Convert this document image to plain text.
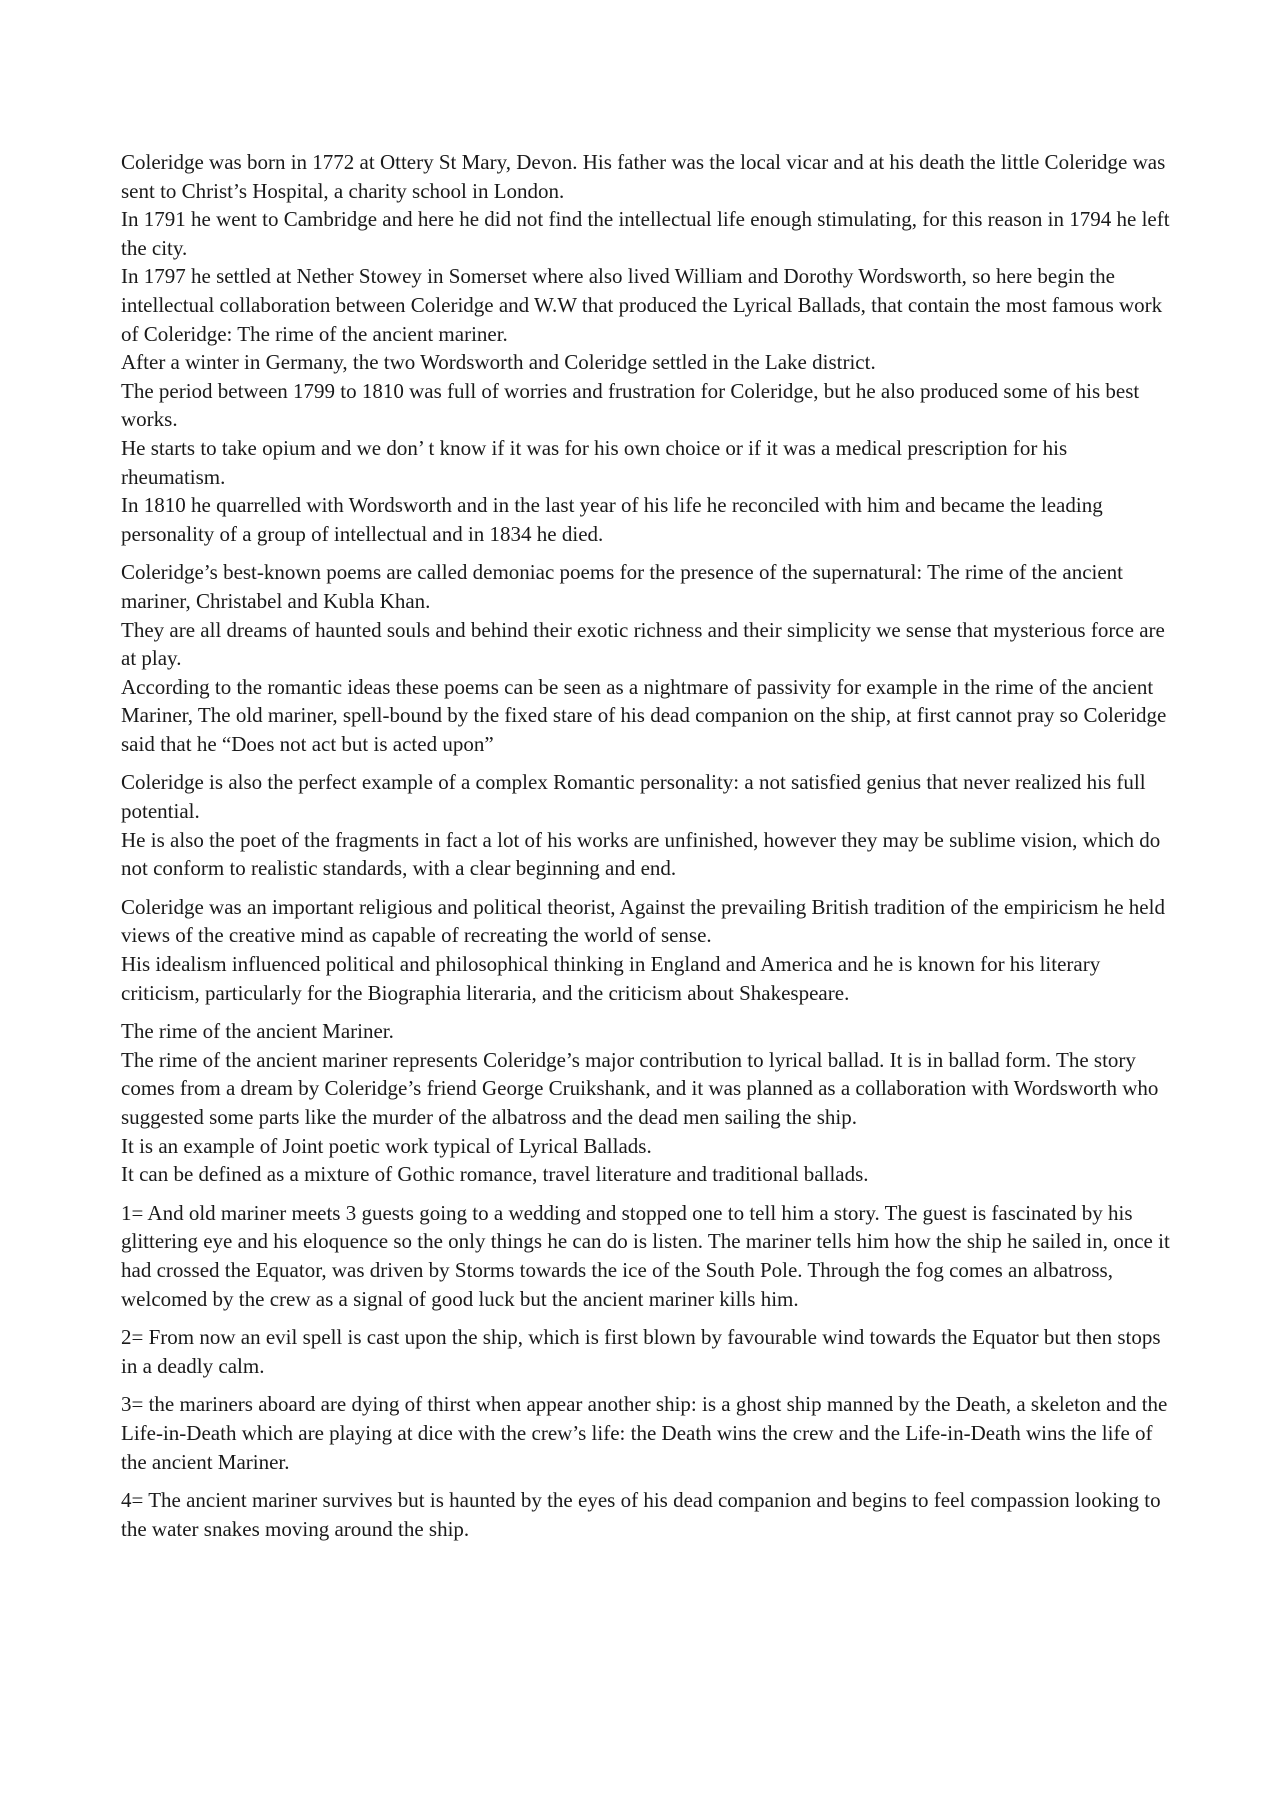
Coleridge was born in 1772 at Ottery St Mary, Devon. His father was the local vicar and at his death the little Coleridge was sent to Christ’s Hospital, a charity school in London.
In 1791 he went to Cambridge and here he did not find the intellectual life enough stimulating, for this reason in 1794 he left the city.
In 1797 he settled at Nether Stowey in Somerset where also lived William and Dorothy Wordsworth, so here begin the intellectual collaboration between Coleridge and W.W that produced the Lyrical Ballads, that contain the most famous work of Coleridge: The rime of the ancient mariner.
After a winter in Germany, the two Wordsworth and Coleridge settled in the Lake district.
The period between 1799 to 1810 was full of worries and frustration for Coleridge, but he also produced some of his best works.
He starts to take opium and we don’ t know if it was for his own choice or if it was a medical prescription for his rheumatism.
In 1810 he quarrelled with Wordsworth and in the last year of his life he reconciled with him and became the leading personality of a group of intellectual and in 1834 he died.
Coleridge’s best-known poems are called demoniac poems for the presence of the supernatural: The rime of the ancient mariner, Christabel and Kubla Khan.
They are all dreams of haunted souls and behind their exotic richness and their simplicity we sense that mysterious force are at play.
According to the romantic ideas these poems can be seen as a nightmare of passivity for example in the rime of the ancient Mariner, The old mariner, spell-bound by the fixed stare of his dead companion on the ship, at first cannot pray so Coleridge said that he “Does not act but is acted upon”
Coleridge is also the perfect example of a complex Romantic personality: a not satisfied genius that never realized his full potential.
He is also the poet of the fragments in fact a lot of his works are unfinished, however they may be sublime vision, which do not conform to realistic standards, with a clear beginning and end.
Coleridge was an important religious and political theorist, Against the prevailing British tradition of the empiricism he held views of the creative mind as capable of recreating the world of sense.
His idealism influenced political and philosophical thinking in England and America and he is known for his literary criticism, particularly for the Biographia literaria, and the criticism about Shakespeare.
The rime of the ancient Mariner.
The rime of the ancient mariner represents Coleridge’s major contribution to lyrical ballad. It is in ballad form. The story comes from a dream by Coleridge’s friend George Cruikshank, and it was planned as a collaboration with Wordsworth who suggested some parts like the murder of the albatross and the dead men sailing the ship.
It is an example of Joint poetic work typical of Lyrical Ballads.
It can be defined as a mixture of Gothic romance, travel literature and traditional ballads.
1= And old mariner meets 3 guests going to a wedding and stopped one to tell him a story. The guest is fascinated by his glittering eye and his eloquence so the only things he can do is listen. The mariner tells him how the ship he sailed in, once it had crossed the Equator, was driven by Storms towards the ice of the South Pole. Through the fog comes an albatross, welcomed by the crew as a signal of good luck but the ancient mariner kills him.
2= From now an evil spell is cast upon the ship, which is first blown by favourable wind towards the Equator but then stops in a deadly calm.
3= the mariners aboard are dying of thirst when appear another ship: is a ghost ship manned by the Death, a skeleton and the Life-in-Death which are playing at dice with the crew’s life: the Death wins the crew and the Life-in-Death wins the life of the ancient Mariner.
4= The ancient mariner survives but is haunted by the eyes of his dead companion and begins to feel compassion looking to the water snakes moving around the ship.
